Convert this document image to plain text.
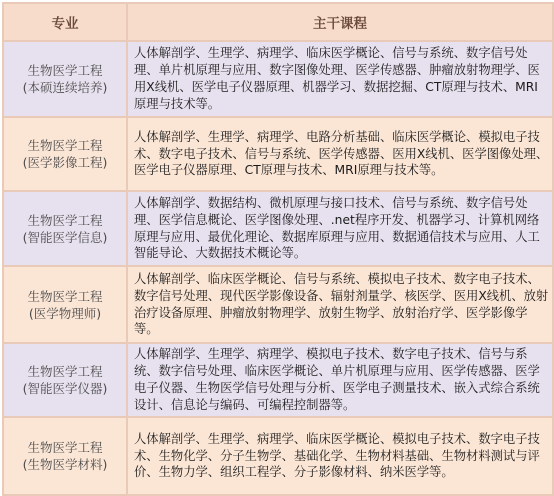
专业	主干课程

生物医学工程
(本硕连续培养)	人体解剖学、生理学、病理学、临床医学概论、信号与系统、数字信号处理、单片机原理与应用、数字图像处理、医学传感器、肿瘤放射物理学、医用X线机、医学电子仪器原理、机器学习、数据挖掘、CT原理与技术、MRI原理与技术等。

生物医学工程
(医学影像工程)	人体解剖学、生理学、病理学、电路分析基础、临床医学概论、模拟电子技术、数字电子技术、信号与系统、医学传感器、医用X线机、医学图像处理、医学电子仪器原理、CT原理与技术、MRI原理与技术等。

生物医学工程
(智能医学信息)	人体解剖学、数据结构、微机原理与接口技术、信号与系统、数字信号处理、医学信息概论、医学图像处理、.net程序开发、机器学习、计算机网络原理与应用、最优化理论、数据库原理与应用、数据通信技术与应用、人工智能导论、大数据技术概论等。

生物医学工程
(医学物理师)	人体解剖学、临床医学概论、信号与系统、模拟电子技术、数字电子技术、数字信号处理、现代医学影像设备、辐射剂量学、核医学、医用X线机、放射治疗设备原理、肿瘤放射物理学、放射生物学、放射治疗学、医学影像学等。

生物医学工程
(智能医学仪器)	人体解剖学、生理学、病理学、模拟电子技术、数字电子技术、信号与系统、数字信号处理、临床医学概论、单片机原理与应用、医学传感器、医学电子仪器、生物医学信号处理与分析、医学电子测量技术、嵌入式综合系统设计、信息论与编码、可编程控制器等。

生物医学工程
(生物医学材料)	人体解剖学、生理学、病理学、临床医学概论、模拟电子技术、数字电子技术、生物化学、分子生物学、基础化学、生物材料基础、生物材料测试与评价、生物力学、组织工程学、分子影像材料、纳米医学等。
